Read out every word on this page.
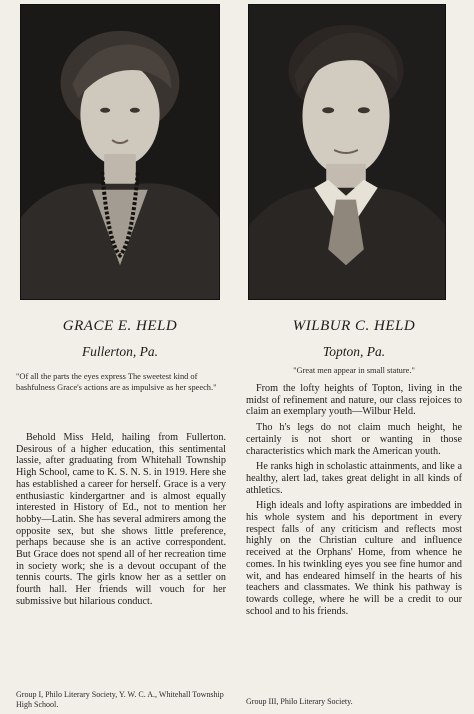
GRACE E. HELD
Fullerton, Pa.
"Of all the parts the eyes express The sweetest kind of bashfulness Grace's actions are as impulsive as her speech."
Behold Miss Held, hailing from Fullerton. Desirous of a higher education, this sentimental lassie, after graduating from Whitehall Township High School, came to K. S. N. S. in 1919. Here she has established a career for herself. Grace is a very enthusiastic kindergartner and is almost equally interested in History of Ed., not to mention her hobby—Latin. She has several admirers among the opposite sex, but she shows little preference, perhaps because she is an active correspondent. But Grace does not spend all of her recreation time in society work; she is a devout occupant of the tennis courts. The girls know her as a settler on fourth hall. Her friends will vouch for her submissive but hilarious conduct.
Group I, Philo Literary Society, Y. W. C. A., Whitehall Township High School.
WILBUR C. HELD
Topton, Pa.
"Great men appear in small stature."

From the lofty heights of Topton, living in the midst of refinement and nature, our class rejoices to claim an exemplary youth—Wilbur Held.

Tho h's legs do not claim much height, he certainly is not short or wanting in those characteristics which mark the American youth.

He ranks high in scholastic attainments, and like a healthy, alert lad, takes great delight in all kinds of athletics.

High ideals and lofty aspirations are imbedded in his whole system and his deportment in every respect falls of any criticism and reflects most highly on the Christian culture and influence received at the Orphans' Home, from whence he comes. In his twinkling eyes you see fine humor and wit, and has endeared himself in the hearts of his teachers and classmates. We think his pathway is towards college, where he will be a credit to our school and to his friends.

Group III, Philo Literary Society.
